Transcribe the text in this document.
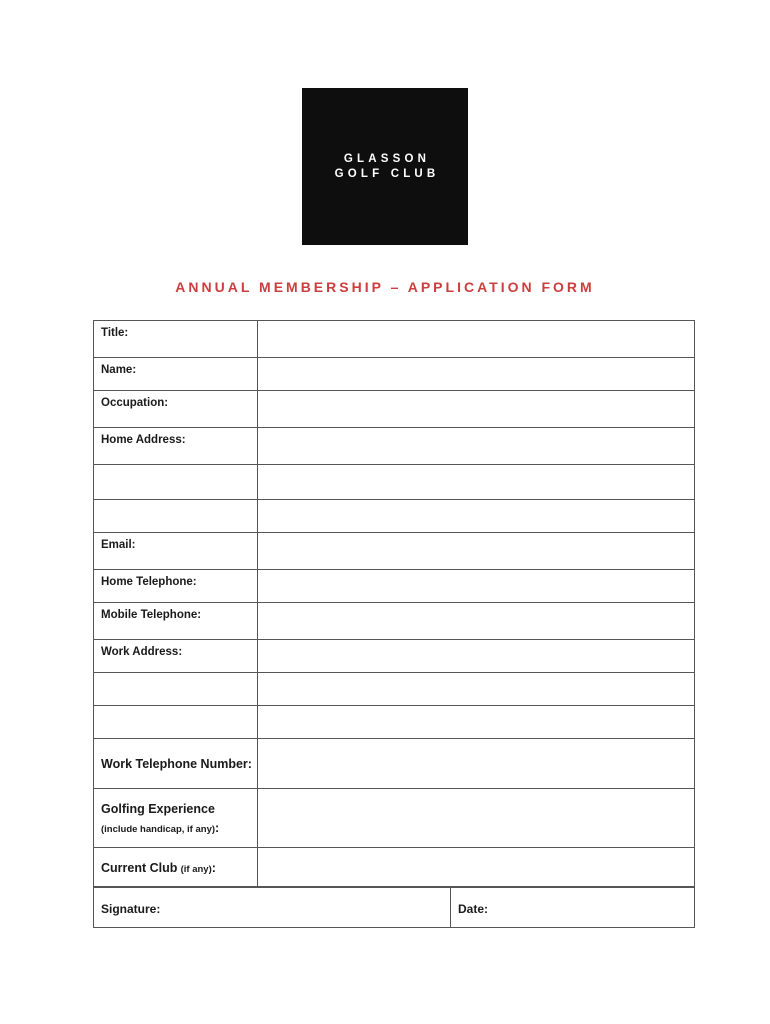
GLASSON
GOLF CLUB
ANNUAL MEMBERSHIP – APPLICATION FORM
Title:	

Name:	

Occupation:	

Home Address:	

Email:	

Home Telephone:	

Mobile Telephone:	

Work Address:	

Work Telephone Number:	

Golfing Experience
(include handicap, if any):	

Current Club (if any):	

Signature:	Date:
